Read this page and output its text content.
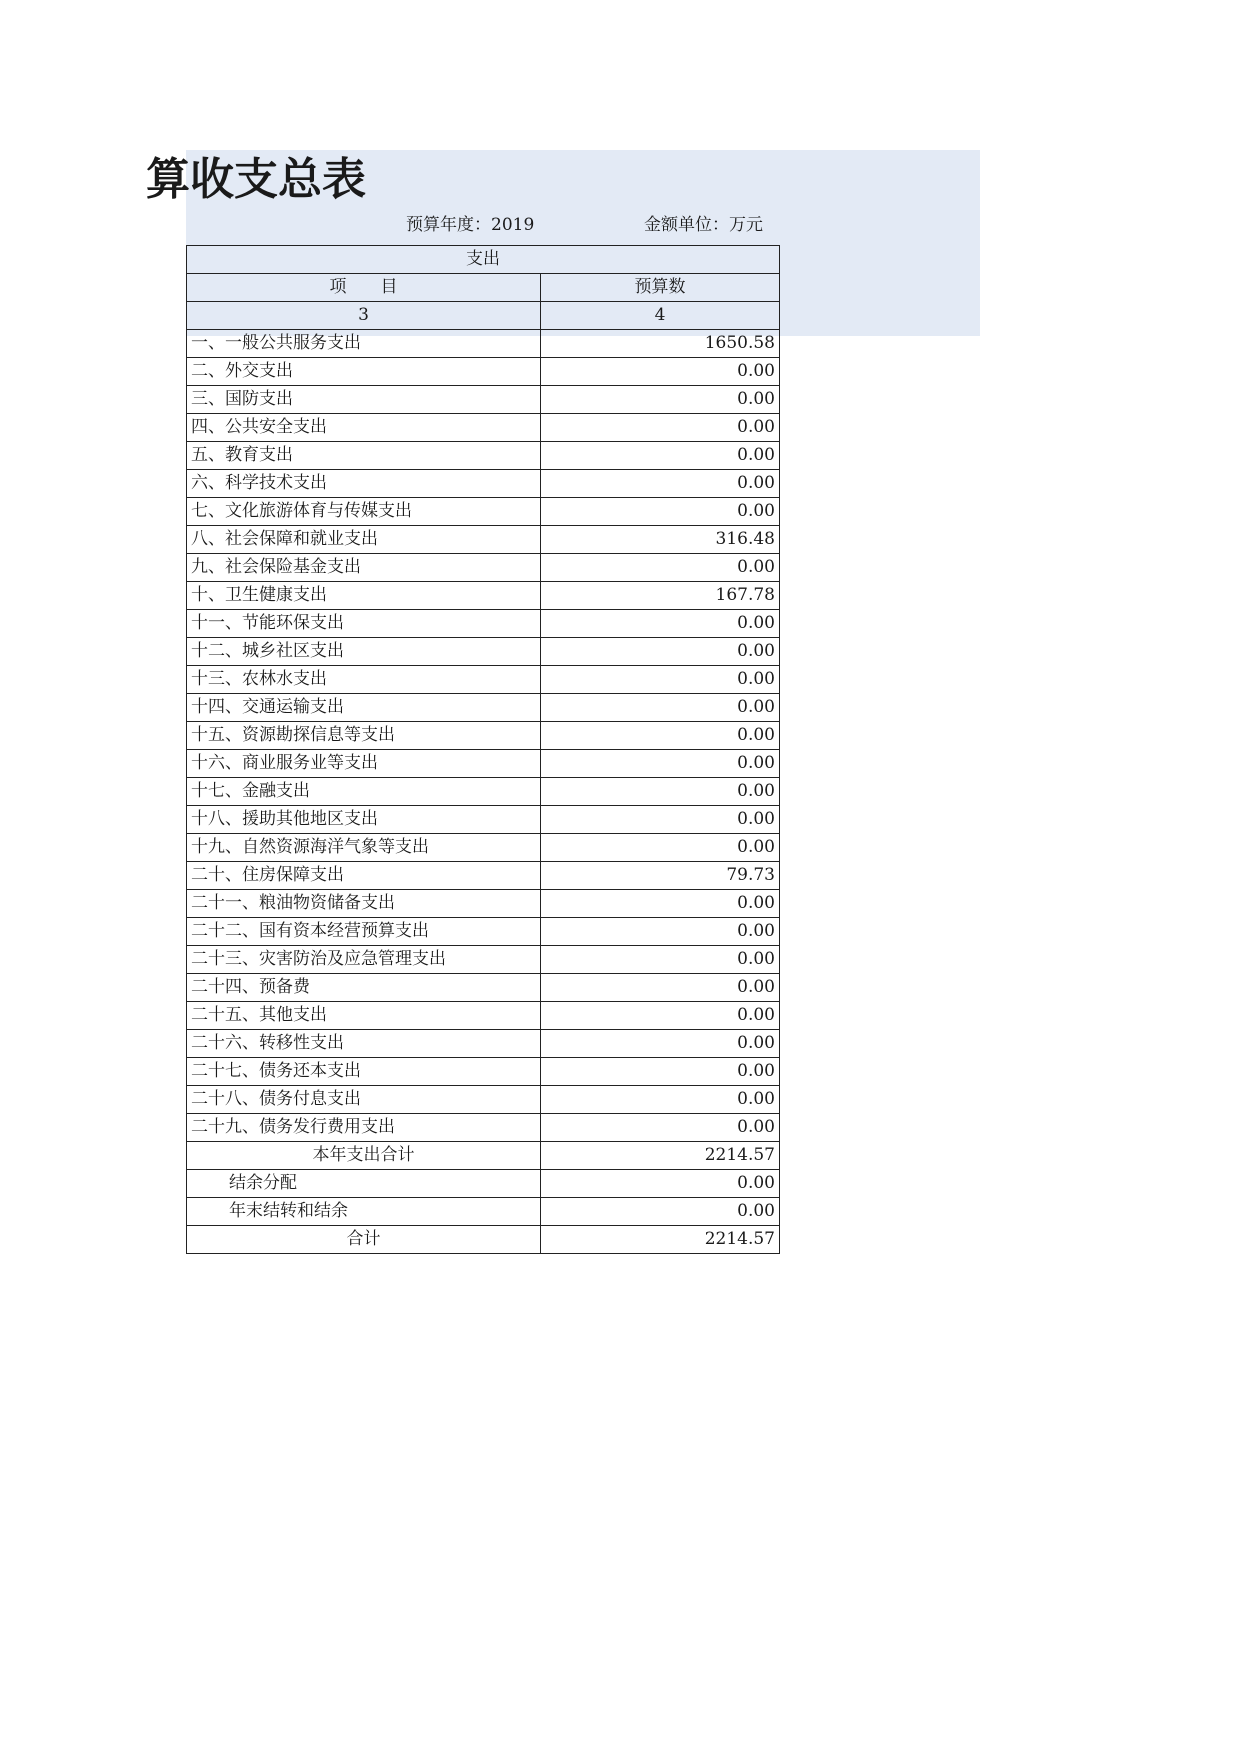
算收支总表
预算年度：2019	金额单位：万元
支出	
项　　目	预算数
3	4
一、一般公共服务支出	1650.58
二、外交支出	0.00
三、国防支出	0.00
四、公共安全支出	0.00
五、教育支出	0.00
六、科学技术支出	0.00
七、文化旅游体育与传媒支出	0.00
八、社会保障和就业支出	316.48
九、社会保险基金支出	0.00
十、卫生健康支出	167.78
十一、节能环保支出	0.00
十二、城乡社区支出	0.00
十三、农林水支出	0.00
十四、交通运输支出	0.00
十五、资源勘探信息等支出	0.00
十六、商业服务业等支出	0.00
十七、金融支出	0.00
十八、援助其他地区支出	0.00
十九、自然资源海洋气象等支出	0.00
二十、住房保障支出	79.73
二十一、粮油物资储备支出	0.00
二十二、国有资本经营预算支出	0.00
二十三、灾害防治及应急管理支出	0.00
二十四、预备费	0.00
二十五、其他支出	0.00
二十六、转移性支出	0.00
二十七、债务还本支出	0.00
二十八、债务付息支出	0.00
二十九、债务发行费用支出	0.00
本年支出合计	2214.57
结余分配	0.00
年末结转和结余	0.00
合计	2214.57
